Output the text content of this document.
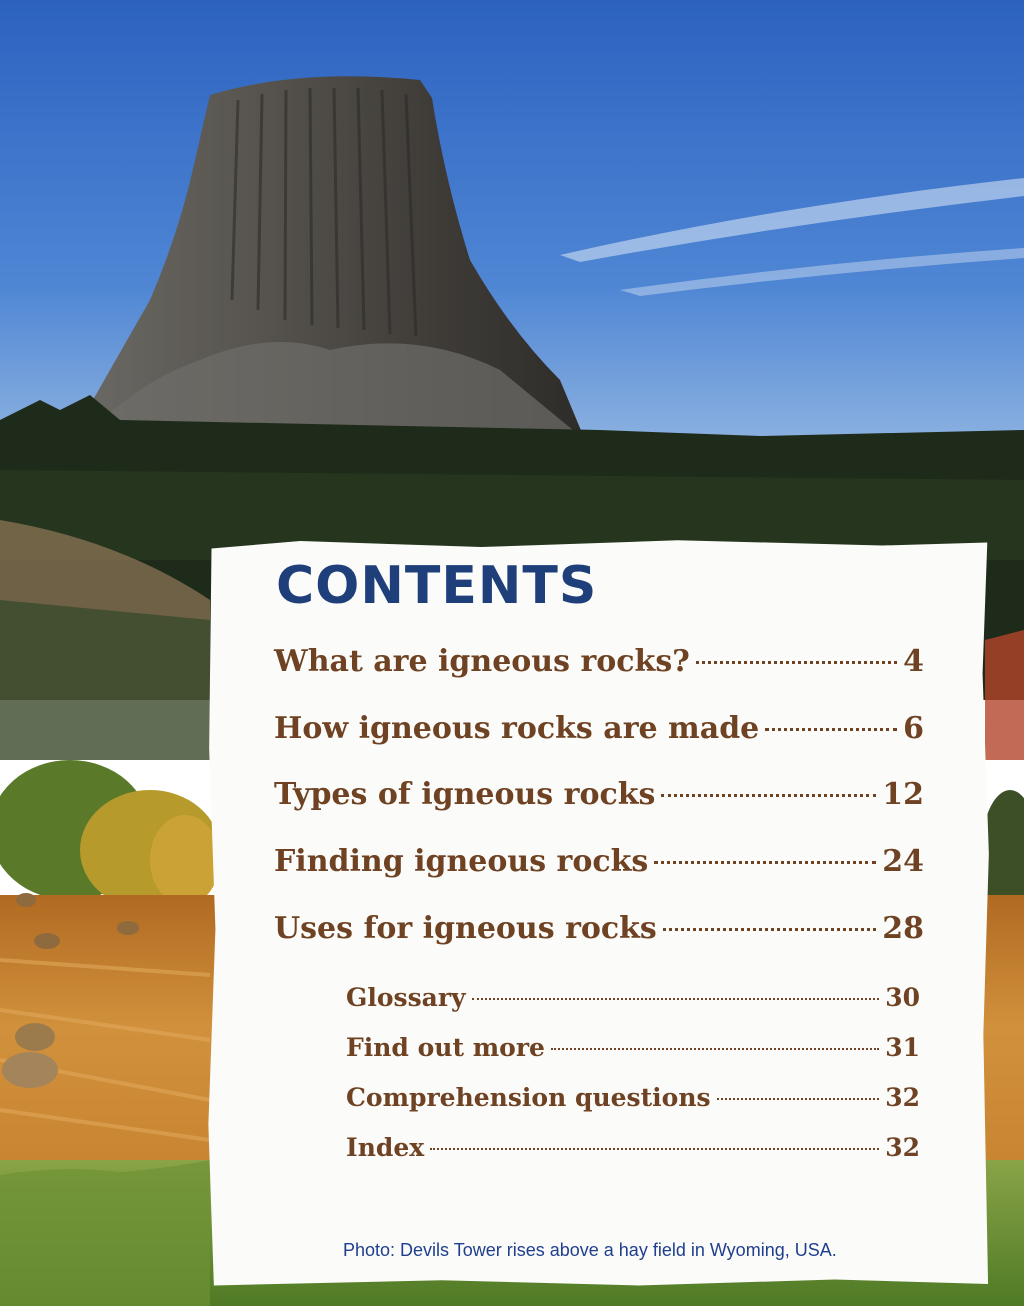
CONTENTS
What are igneous rocks?	4
How igneous rocks are made	6
Types of igneous rocks	12
Finding igneous rocks	24
Uses for igneous rocks	28
Glossary	30
Find out more	31
Comprehension questions	32
Index	32

Photo: Devils Tower rises above a hay field in Wyoming, USA.
